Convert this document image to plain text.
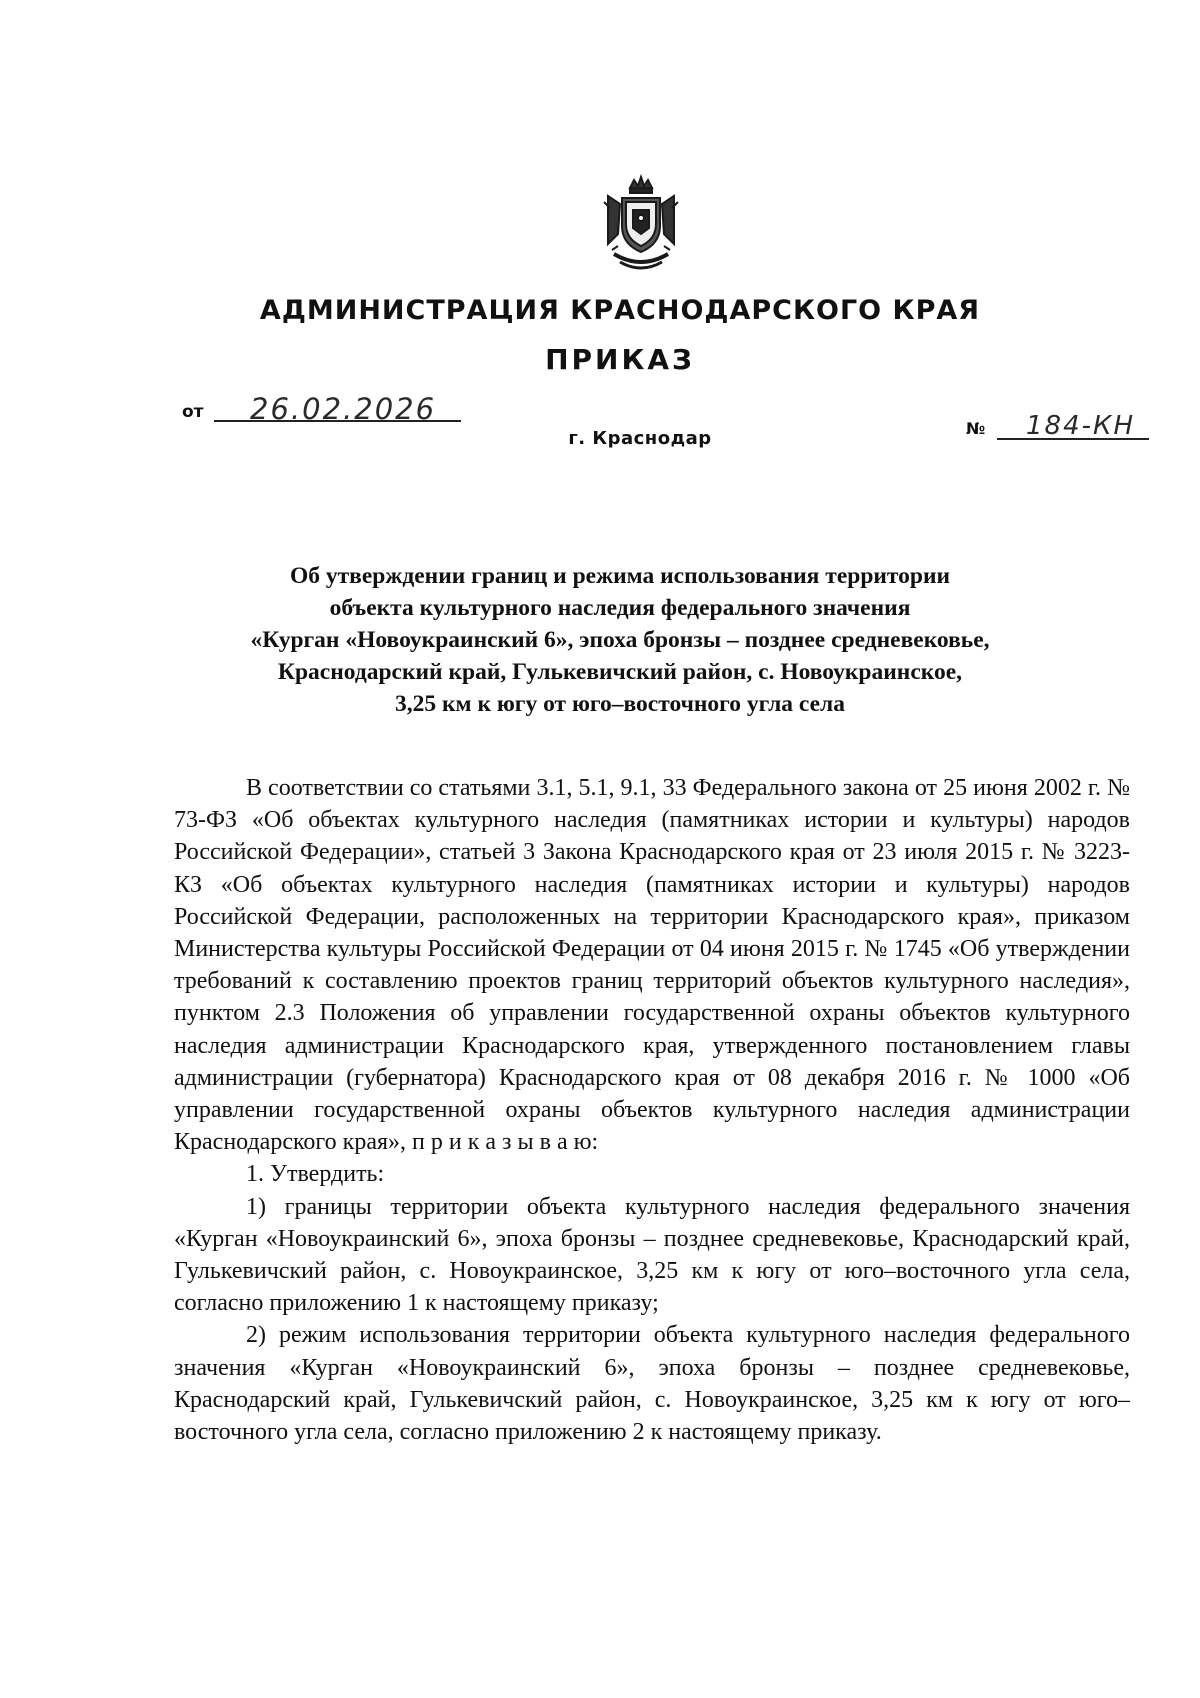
АДМИНИСТРАЦИЯ КРАСНОДАРСКОГО КРАЯ
ПРИКАЗ
от 26.02.2026
г. Краснодар	№ 184-КН
Об утверждении границ и режима использования территории
объекта культурного наследия федерального значения
«Курган «Новоукраинский 6», эпоха бронзы – позднее средневековье,
Краснодарский край, Гулькевичский район, с. Новоукраинское,
3,25 км к югу от юго–восточного угла села

В соответствии со статьями 3.1, 5.1, 9.1, 33 Федерального закона от 25 июня 2002 г. № 73-ФЗ «Об объектах культурного наследия (памятниках истории и культуры) народов Российской Федерации», статьей 3 Закона Краснодарского края от 23 июля 2015 г. № 3223-КЗ «Об объектах культурного наследия (памятниках истории и культуры) народов Российской Федерации, расположенных на территории Краснодарского края», приказом Министерства культуры Российской Федерации от 04 июня 2015 г. № 1745 «Об утверждении требований к составлению проектов границ территорий объектов культурного наследия», пунктом 2.3 Положения об управлении государственной охраны объектов культурного наследия администрации Краснодарского края, утвержденного постановлением главы администрации (губернатора) Краснодарского края от 08 декабря 2016 г. № 1000 «Об управлении государственной охраны объектов культурного наследия администрации Краснодарского края», п р и к а з ы в а ю:

1. Утвердить:

1) границы территории объекта культурного наследия федерального значения «Курган «Новоукраинский 6», эпоха бронзы – позднее средневековье, Краснодарский край, Гулькевичский район, с. Новоукраинское, 3,25 км к югу от юго–восточного угла села, согласно приложению 1 к настоящему приказу;

2) режим использования территории объекта культурного наследия федерального значения «Курган «Новоукраинский 6», эпоха бронзы – позднее средневековье, Краснодарский край, Гулькевичский район, с. Новоукраинское, 3,25 км к югу от юго–восточного угла села, согласно приложению 2 к настоящему приказу.
